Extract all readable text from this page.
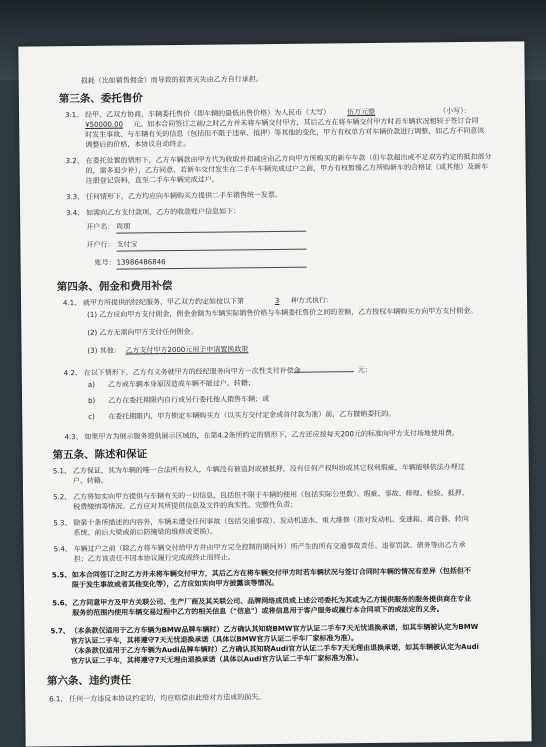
损耗（比如销售佣金）而导致的损害灭失由乙方自行承担。
第三条、委托售价
3.1、 经甲、乙双方协商，车辆委托售价（即车辆的最低出售价格）为人民币（大写） 伍万元整	（小写）：
¥50000.00 元。如本合同签订之前/之时乙方并未将车辆交付甲方，其后乙方在将车辆交付甲方时若车辆状况相较于签订合同
时发生事故、与车辆有关的信息（包括但不限于违章、抵押）等其他的变化，甲方有权单方对车辆价款进行调整，如乙方不同意该
调整后的价格，本协议自动终止。
3.2、 在委托处置的情形下，乙方车辆款由甲方代为收取并扣减应由乙方向甲方所购买的新车车款（但车款超出或不足双方约定的抵扣部分
的，需多退少补），乙方同意，若新车交付发生在二手车车辆完成过户之前，甲方有权暂缓乙方所购新车的合格证（或其他）及新车
注册登记资料，直至二手车车辆完成过户。
3.3、 任何情形下，乙方均应向车辆购买方提供二手车销售统一发票。
3.4、 如需向乙方支付款项，乙方的收款账户信息如下：
开户名： 周朋
开户行： 支付宝
账号： 13986486846
第四条、佣金和费用补偿
4.1、 就甲方所提供的经纪服务，甲乙双方约定如按以下第	3	种方式执行：
(1) 乙方应向甲方支付佣金，佣金金额为车辆实际销售价格与车辆委托售价之间的差额，乙方授权车辆购买方向甲方支付佣金。
(2) 乙方无需向甲方支付任何佣金。
(3) 其他： 乙方支付甲方2000元用于申请置换政策
4.2、 在以下情形下，乙方有义务就甲方的经纪服务向甲方一次性支付补偿金	元：
a) 乙方或车辆本身原因造成车辆不能过户、转籍；
b) 乙方在委托期限内自行或另行委托他人销售车辆；或
c) 在委托期限内，甲方锁定车辆购买方（以买方交付定金或首付款为准）前，乙方撤销委托的。
4.3、 如果甲方为展示服务提供展示区域的，在第4.2条所约定的情形下，乙方还应按每天200元的标准向甲方支付场地使用费。
第五条、陈述和保证
5.1、 乙方保证，其为车辆的唯一合法所有权人，车辆没有被盗封或被抵押，没有任何产权纠纷或其它权利瑕疵，车辆能够依法办理过
户、转籍。
5.2、 乙方将如实向甲方提供与车辆有关的一切信息，包括但不限于车辆的使用（包括实际公里数）、瑕疵、事故、修理、检验、抵押、
税费缴纳等情况。乙方应对其所提供信息及文件的真实性、完整性负责；
5.3、 除第十条所描述的内容外，车辆未遭受任何事故（包括交通事故）、发动机进水、重大维修（指对发动机、变速箱、离合器、转向
系统、前后大梁或前后防撞梁的维修或更换）。
5.4、 车辆过户之前（除乙方将车辆交付给甲方并由甲方完全控制的期间外）所产生的所有交通事故责任、违章罚款、债务等由乙方承
担；乙方该责任不因本协议履行完成或终止而终止。
5.5、 如本合同签订之时乙方并未将车辆交付甲方，其后乙方在将车辆交付甲方时若车辆状况与签订合同时车辆的情况有差异（包括但不
限于发生事故或者其他变化等），乙方应如实向甲方披露该等情况。
5.6、 乙方同意甲方及甲方关联公司、生产厂商及其关联公司、品牌网络成员或上述公司委托为其或为乙方提供服务的服务提供商在专业
服务的范围内使用车辆交易过程中乙方的相关信息（"信息"）或将信息用于客户服务或履行本合同项下的或法定的义务。
5.7、 （本条款仅适用于乙方车辆为BMW品牌车辆时）乙方确认其知晓BMW官方认证二手车7天无忧退换承诺，如其车辆被认定为BMW
官方认证二手车，其将遵守7天无忧退换承诺（具体以BMW官方认证二手车厂家标准为准）。
（本条款仅适用于乙方车辆为Audi品牌车辆时）乙方确认其知晓Audi官方认证二手车7天无理由退换承诺，如其车辆被认定为Audi
官方认证二手车，其将遵守7天无理由退换承诺（具体以Audi官方认证二手车厂家标准为准）。
第六条、违约责任
6.1、 任何一方违反本协议约定的，均应赔偿由此给对方造成的损失。
